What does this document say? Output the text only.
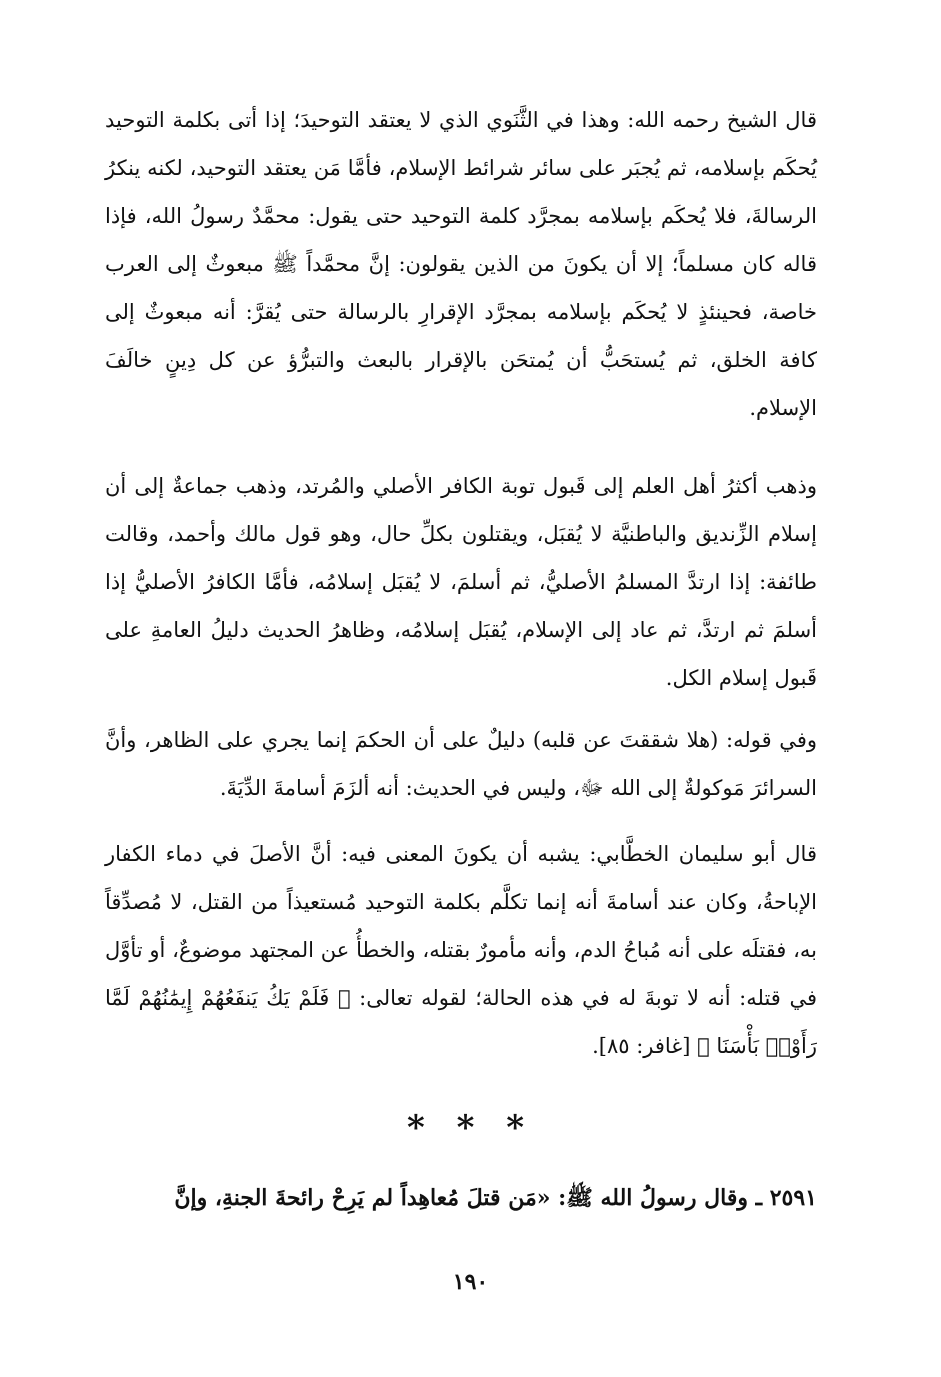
قال الشيخ رحمه الله: وهذا في الثَّنَوي الذي لا يعتقد التوحيدَ؛ إذا أتى بكلمة التوحيد يُحكَم بإسلامه، ثم يُجبَر على سائر شرائط الإسلام، فأمَّا مَن يعتقد التوحيد، لكنه ينكرُ الرسالةَ، فلا يُحكَم بإسلامه بمجرَّد كلمة التوحيد حتى يقول: محمَّدٌ رسولُ الله، فإذا قاله كان مسلماً؛ إلا أن يكونَ من الذين يقولون: إنَّ محمَّداً ﷺ مبعوثٌ إلى العرب خاصة، فحينئذٍ لا يُحكَم بإسلامه بمجرَّد الإقرارِ بالرسالة حتى يُقرَّ: أنه مبعوثٌ إلى كافة الخلق، ثم يُستحَبُّ أن يُمتحَن بالإقرار بالبعث والتبرُّؤ عن كل دِينٍ خالَفَ الإسلام.

وذهب أكثرُ أهل العلم إلى قَبول توبة الكافر الأصلي والمُرتد، وذهب جماعةٌ إلى أن إسلام الزِّنديق والباطنيَّة لا يُقبَل، ويقتلون بكلِّ حال، وهو قول مالك وأحمد، وقالت طائفة: إذا ارتدَّ المسلمُ الأصليُّ، ثم أسلمَ، لا يُقبَل إسلامُه، فأمَّا الكافرُ الأصليُّ إذا أسلمَ ثم ارتدَّ، ثم عاد إلى الإسلام، يُقبَل إسلامُه، وظاهرُ الحديث دليلُ العامةِ على قَبول إسلام الكل.

وفي قوله: (هلا شققتَ عن قلبه) دليلٌ على أن الحكمَ إنما يجري على الظاهر، وأنَّ السرائرَ مَوكولةٌ إلى الله ﷻ، وليس في الحديث: أنه ألزَمَ أسامةَ الدِّيَةَ.

قال أبو سليمان الخطَّابي: يشبه أن يكونَ المعنى فيه: أنَّ الأصلَ في دماء الكفار الإباحةُ، وكان عند أسامةَ أنه إنما تكلَّم بكلمة التوحيد مُستعيذاً من القتل، لا مُصدِّقاً به، فقتلَه على أنه مُباحُ الدم، وأنه مأمورٌ بقتله، والخطأُ عن المجتهد موضوعٌ، أو تأوَّل في قتله: أنه لا توبةَ له في هذه الحالة؛ لقوله تعالى: ﴿ فَلَمْ يَكُ يَنفَعُهُمْ إِيمَٰنُهُمْ لَمَّا رَأَوْا۟ بَأْسَنَا ﴾ [غافر: ٨٥].

* * *
٢٥٩١ ـ وقال رسولُ الله ﷺ: «مَن قتلَ مُعاهِداً لم يَرِحْ رائحةَ الجنةِ، وإنَّ
١٩٠
